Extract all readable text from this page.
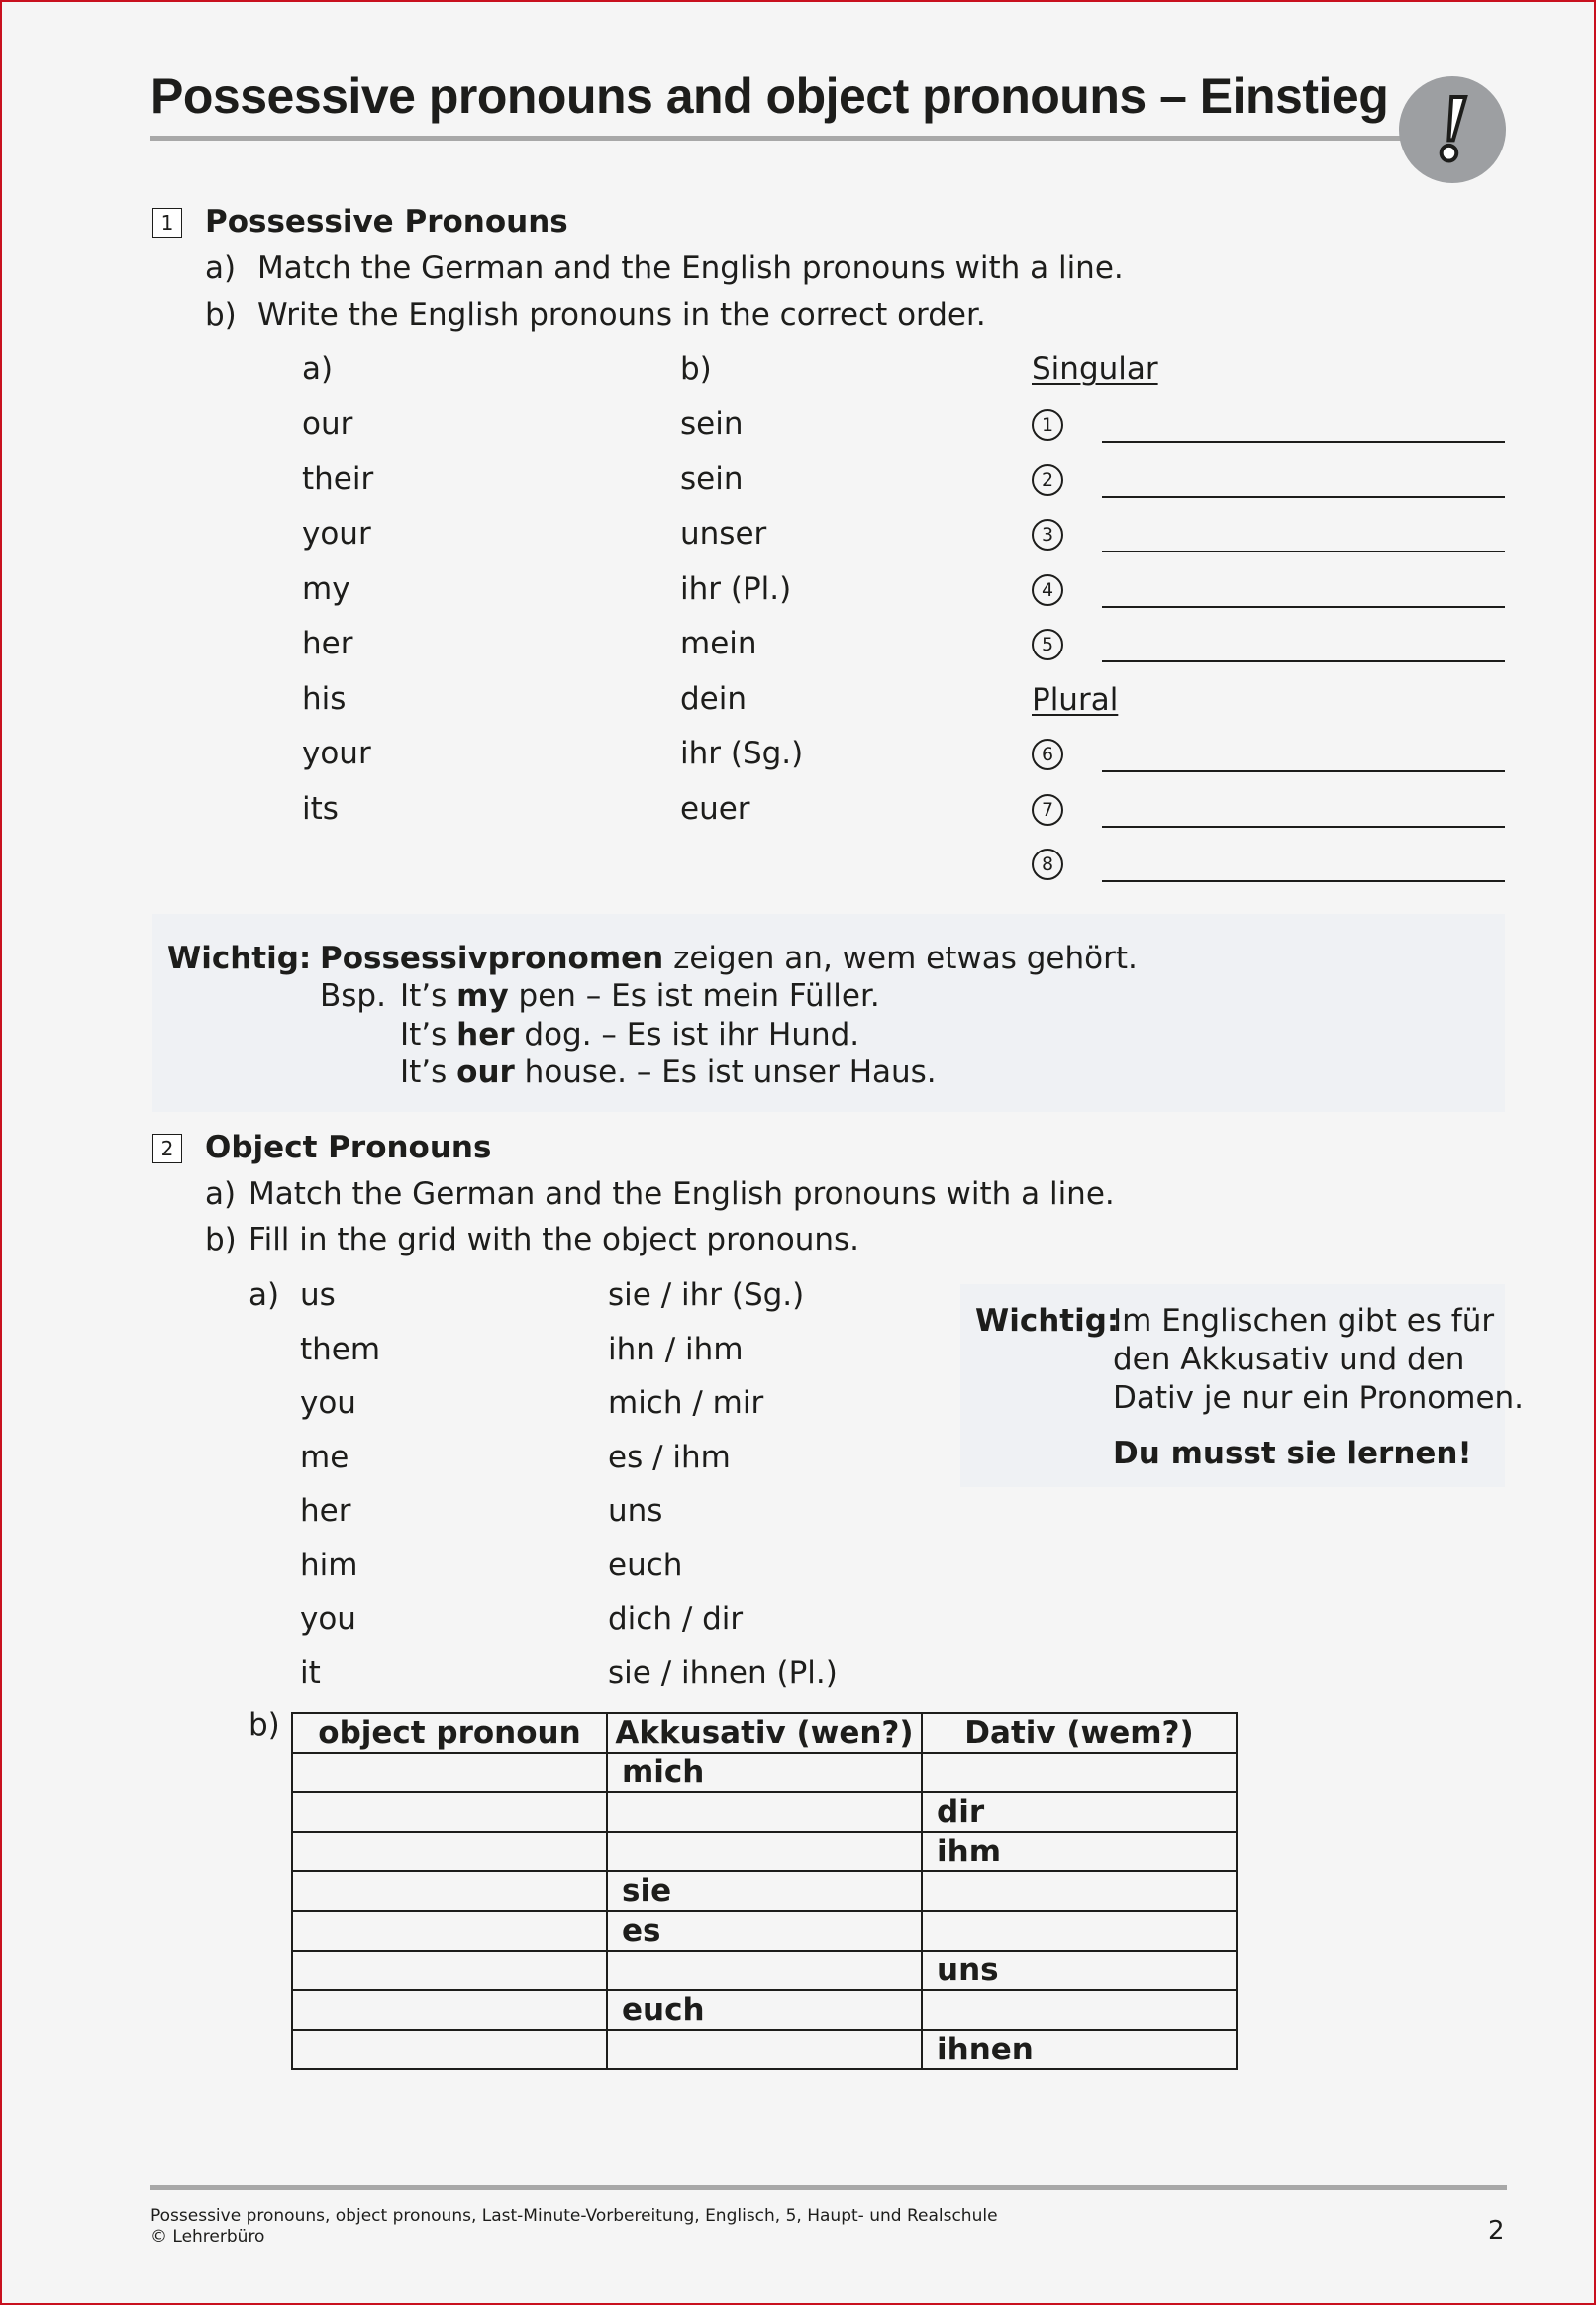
Possessive pronouns and object pronouns – Einstieg !
1 Possessive Pronouns
a) Match the German and the English pronouns with a line.
b) Write the English pronouns in the correct order.
a)	b)	Singular
our	sein
their	sein
your	unser
my	ihr (Pl.)
her	mein
his	dein
your	ihr (Sg.)
its	euer
Plural
1
2
3
4
5
6
7
8
Wichtig: Possessivpronomen zeigen an, wem etwas gehört.
Bsp. It’s my pen – Es ist mein Füller.
It’s her dog. – Es ist ihr Hund.
It’s our house. – Es ist unser Haus.
2 Object Pronouns
a) Match the German and the English pronouns with a line.
b) Fill in the grid with the object pronouns.
a) us	sie / ihr (Sg.)
them	ihn / ihm
you	mich / mir
me	es / ihm
her	uns
him	euch
you	dich / dir
it	sie / ihnen (Pl.)
Wichtig:
Im Englischen gibt es für
den Akkusativ und den
Dativ je nur ein Pronomen.
Du musst sie lernen!
b) object pronoun	Akkusativ (wen?)	Dativ (wem?)
	mich	
		dir
		ihm
	sie	
	es	
		uns
	euch	
		ihnen
Possessive pronouns, object pronouns, Last-Minute-Vorbereitung, Englisch, 5, Haupt- und Realschule
© Lehrerbüro	2
